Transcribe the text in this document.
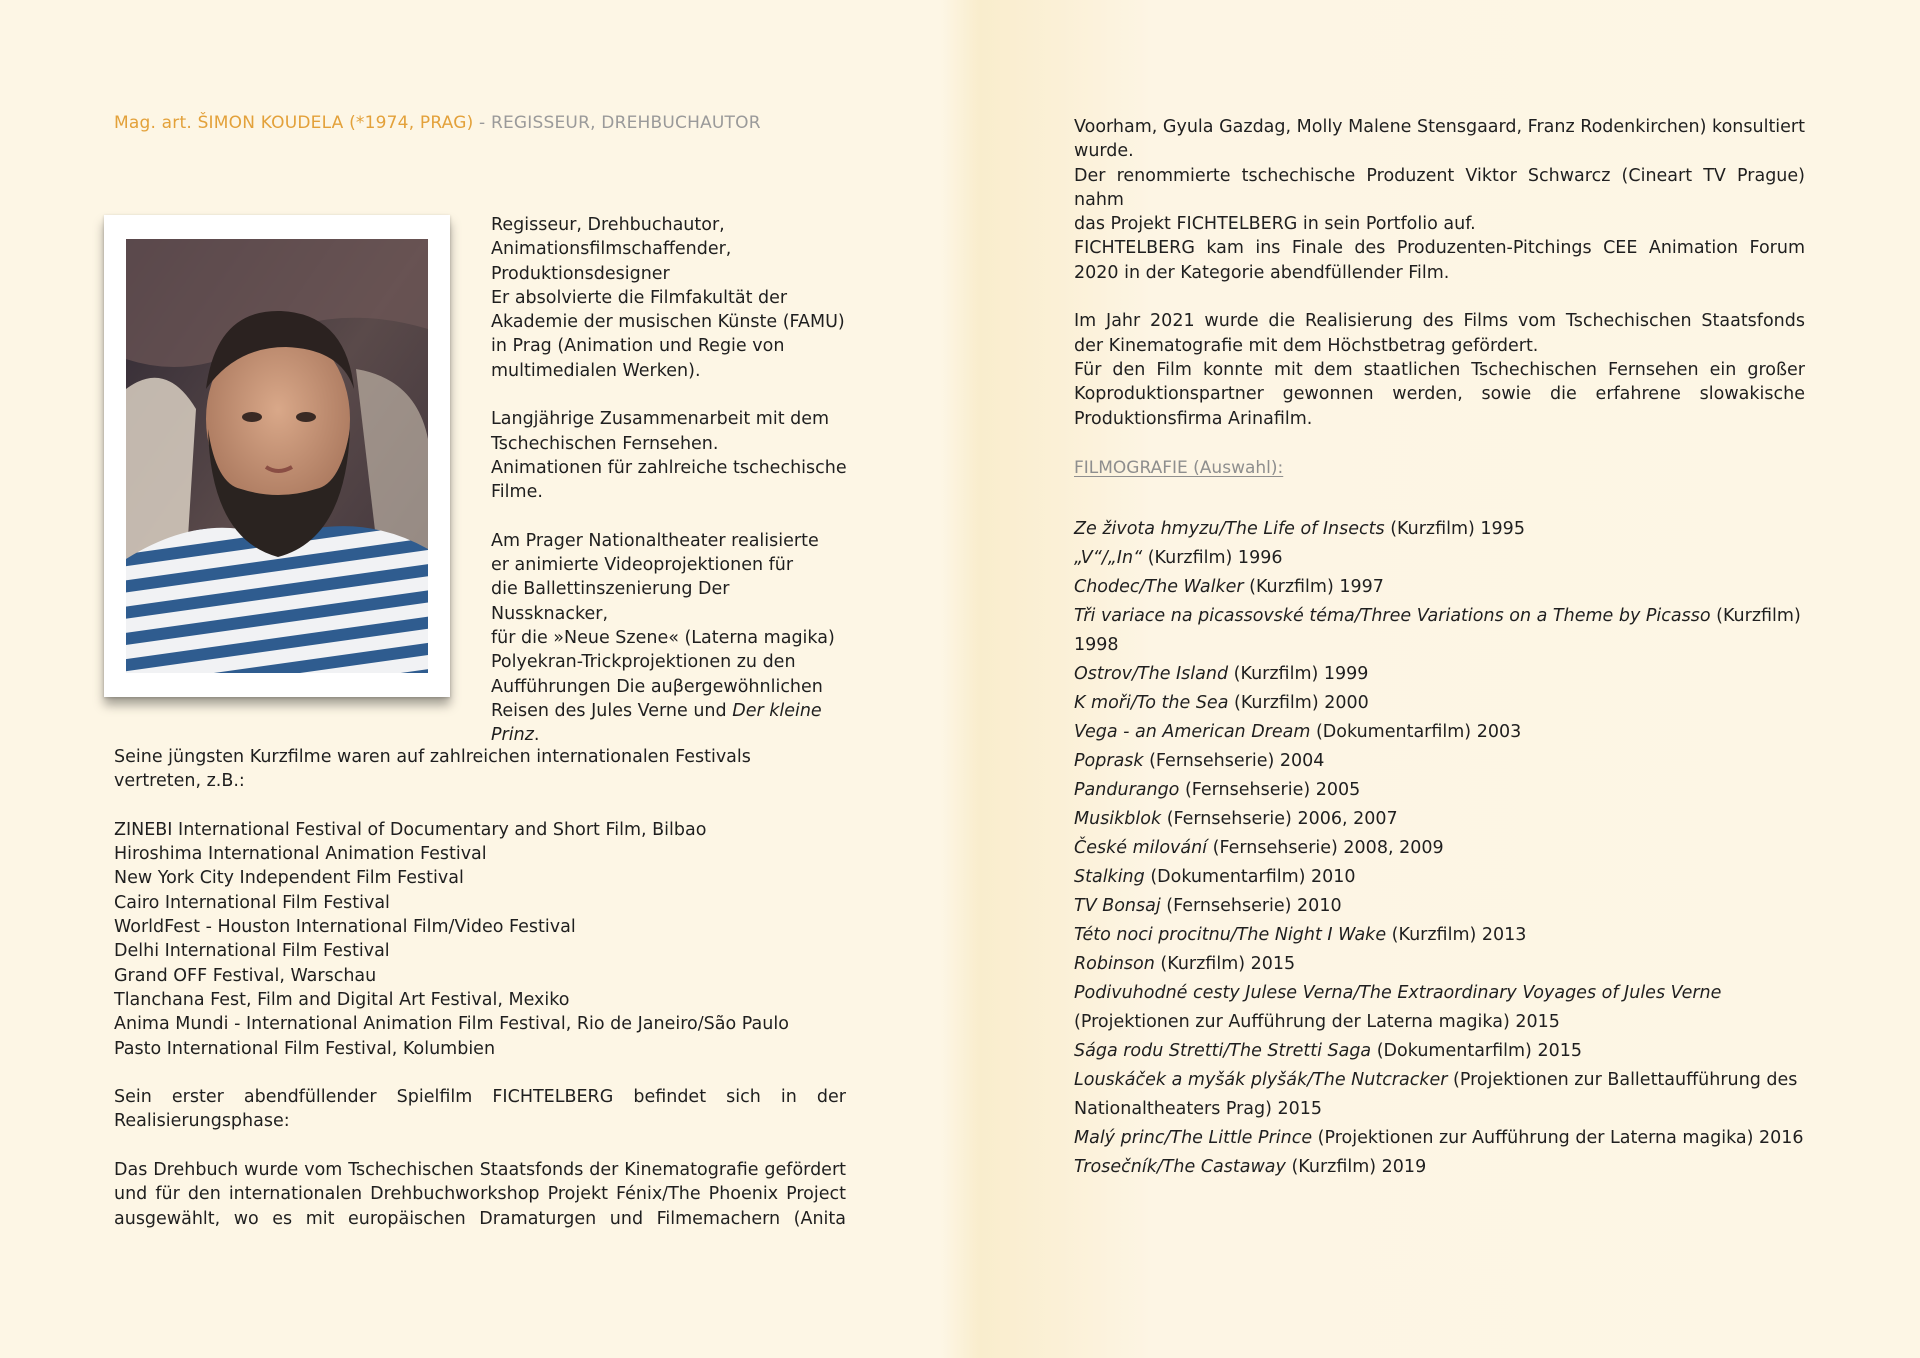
Mag. art. ŠIMON KOUDELA (*1974, PRAG) - REGISSEUR, DREHBUCHAUTOR

Regisseur, Drehbuchautor,
Animationsfilmschaffender,
Produktionsdesigner
Er absolvierte die Filmfakultät der
Akademie der musischen Künste (FAMU)
in Prag (Animation und Regie von
multimedialen Werken).

Langjährige Zusammenarbeit mit dem
Tschechischen Fernsehen.
Animationen für zahlreiche tschechische
Filme.

Am Prager Nationaltheater realisierte
er animierte Videoprojektionen für
die Ballettinszenierung Der Nussknacker,
für die »Neue Szene« (Laterna magika)
Polyekran-Trickprojektionen zu den
Aufführungen Die auβergewöhnlichen
Reisen des Jules Verne und Der kleine
Prinz.

Seine jüngsten Kurzfilme waren auf zahlreichen internationalen Festivals
vertreten, z.B.:

ZINEBI International Festival of Documentary and Short Film, Bilbao
Hiroshima International Animation Festival
New York City Independent Film Festival
Cairo International Film Festival
WorldFest - Houston International Film/Video Festival
Delhi International Film Festival
Grand OFF Festival, Warschau
Tlanchana Fest, Film and Digital Art Festival, Mexiko
Anima Mundi - International Animation Film Festival, Rio de Janeiro/São Paulo
Pasto International Film Festival, Kolumbien

Sein erster abendfüllender Spielfilm FICHTELBERG befindet sich in der
Realisierungsphase:

Das Drehbuch wurde vom Tschechischen Staatsfonds der Kinematografie gefördert
und für den internationalen Drehbuchworkshop Projekt Fénix/The Phoenix Project
ausgewählt, wo es mit europäischen Dramaturgen und Filmemachern (Anita

Voorham, Gyula Gazdag, Molly Malene Stensgaard, Franz Rodenkirchen) konsultiert
wurde.
Der renommierte tschechische Produzent Viktor Schwarcz (Cineart TV Prague) nahm
das Projekt FICHTELBERG in sein Portfolio auf.
FICHTELBERG kam ins Finale des Produzenten-Pitchings CEE Animation Forum
2020 in der Kategorie abendfüllender Film.

Im Jahr 2021 wurde die Realisierung des Films vom Tschechischen Staatsfonds
der Kinematografie mit dem Höchstbetrag gefördert.
Für den Film konnte mit dem staatlichen Tschechischen Fernsehen ein großer
Koproduktionspartner gewonnen werden, sowie die erfahrene slowakische
Produktionsfirma Arinafilm.

FILMOGRAFIE (Auswahl):
Ze života hmyzu/The Life of Insects (Kurzfilm) 1995
„V“/„In“ (Kurzfilm) 1996
Chodec/The Walker (Kurzfilm) 1997
Tři variace na picassovské téma/Three Variations on a Theme by Picasso (Kurzfilm)
1998
Ostrov/The Island (Kurzfilm) 1999
K moři/To the Sea (Kurzfilm) 2000
Vega - an American Dream (Dokumentarfilm) 2003
Poprask (Fernsehserie) 2004
Pandurango (Fernsehserie) 2005
Musikblok (Fernsehserie) 2006, 2007
České milování (Fernsehserie) 2008, 2009
Stalking (Dokumentarfilm) 2010
TV Bonsaj (Fernsehserie) 2010
Této noci procitnu/The Night I Wake (Kurzfilm) 2013
Robinson (Kurzfilm) 2015
Podivuhodné cesty Julese Verna/The Extraordinary Voyages of Jules Verne
(Projektionen zur Aufführung der Laterna magika) 2015
Sága rodu Stretti/The Stretti Saga (Dokumentarfilm) 2015
Louskáček a myšák plyšák/The Nutcracker (Projektionen zur Ballettaufführung des
Nationaltheaters Prag) 2015
Malý princ/The Little Prince (Projektionen zur Aufführung der Laterna magika) 2016
Trosečník/The Castaway (Kurzfilm) 2019
